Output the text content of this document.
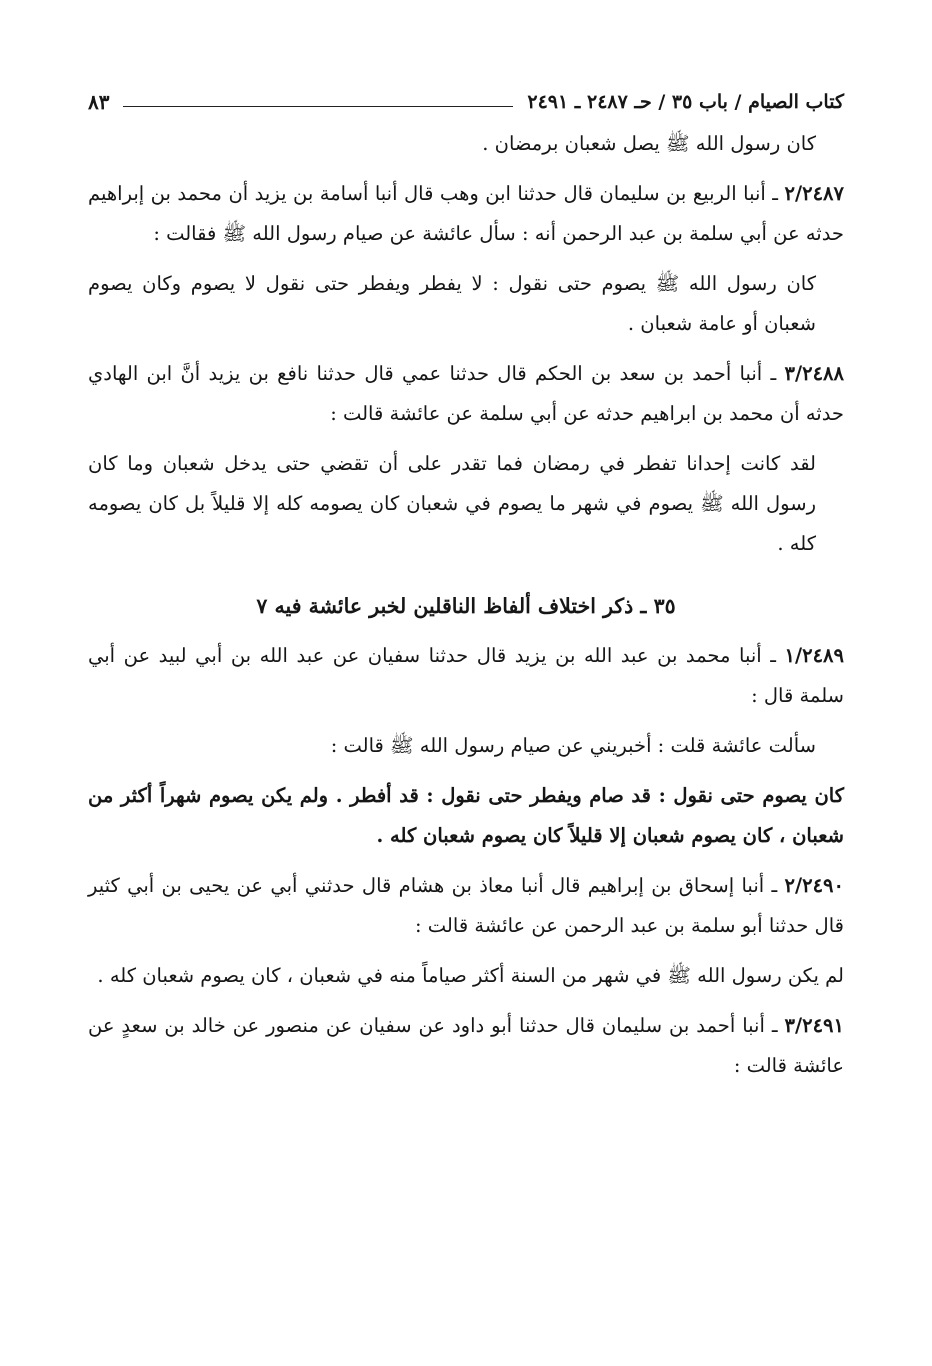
كتاب الصيام / باب ٣٥ / حـ ٢٤٨٧ ـ ٢٤٩١
٨٣

كان رسول الله ﷺ يصل شعبان برمضان .

٢/٢٤٨٧ ـ أنبا الربيع بن سليمان قال حدثنا ابن وهب قال أنبا أسامة بن يزيد أن محمد بن إبراهيم حدثه عن أبي سلمة بن عبد الرحمن أنه : سأل عائشة عن صيام رسول الله ﷺ فقالت :

كان رسول الله ﷺ يصوم حتى نقول : لا يفطر ويفطر حتى نقول لا يصوم وكان يصوم شعبان أو عامة شعبان .

٣/٢٤٨٨ ـ أنبا أحمد بن سعد بن الحكم قال حدثنا عمي قال حدثنا نافع بن يزيد أنَّ ابن الهادي حدثه أن محمد بن ابراهيم حدثه عن أبي سلمة عن عائشة قالت :

لقد كانت إحدانا تفطر في رمضان فما تقدر على أن تقضي حتى يدخل شعبان وما كان رسول الله ﷺ يصوم في شهر ما يصوم في شعبان كان يصومه كله إلا قليلاً بل كان يصومه كله .

٣٥ ـ ذكر اختلاف ألفاظ الناقلين لخبر عائشة فيه ٧

١/٢٤٨٩ ـ أنبا محمد بن عبد الله بن يزيد قال حدثنا سفيان عن عبد الله بن أبي لبيد عن أبي سلمة قال :

سألت عائشة قلت : أخبريني عن صيام رسول الله ﷺ قالت :

كان يصوم حتى نقول : قد صام ويفطر حتى نقول : قد أفطر . ولم يكن يصوم شهراً أكثر من شعبان ، كان يصوم شعبان إلا قليلاً كان يصوم شعبان كله .

٢/٢٤٩٠ ـ أنبا إسحاق بن إبراهيم قال أنبا معاذ بن هشام قال حدثني أبي عن يحيى بن أبي كثير قال حدثنا أبو سلمة بن عبد الرحمن عن عائشة قالت :

لم يكن رسول الله ﷺ في شهر من السنة أكثر صياماً منه في شعبان ، كان يصوم شعبان كله .

٣/٢٤٩١ ـ أنبا أحمد بن سليمان قال حدثنا أبو داود عن سفيان عن منصور عن خالد بن سعدٍ عن عائشة قالت :
